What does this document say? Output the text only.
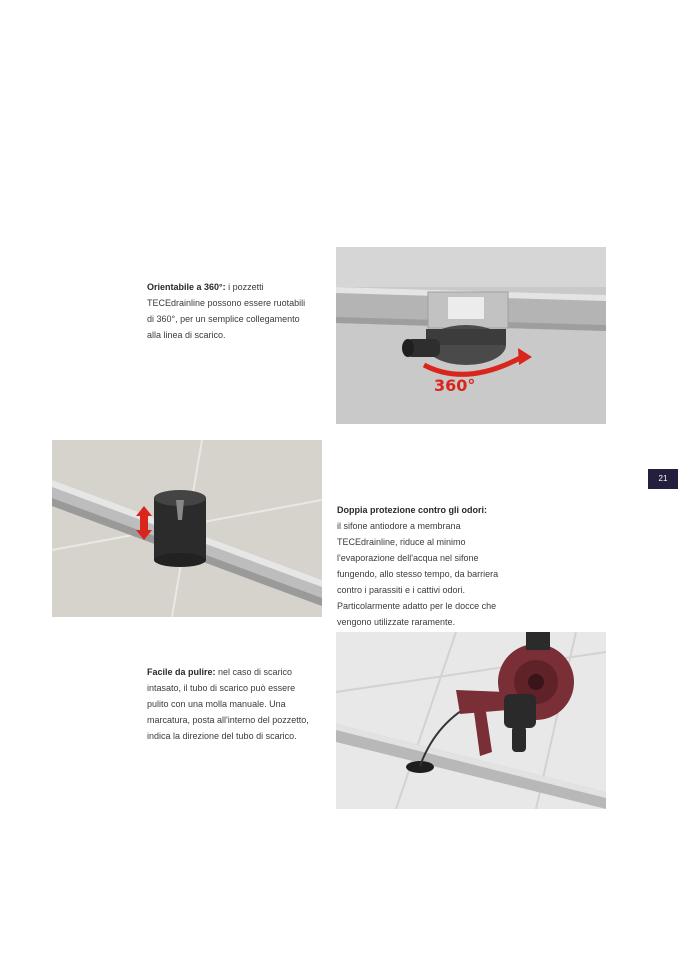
Orientabile a 360°: i pozzetti

TECEdrainline possono essere ruotabili

di 360°, per un semplice collegamento

alla linea di scarico.

360°
21

Doppia protezione contro gli odori:

il sifone antiodore a membrana

TECEdrainline, riduce al minimo

l'evaporazione dell'acqua nel sifone

fungendo, allo stesso tempo, da barriera

contro i parassiti e i cattivi odori.

Particolarmente adatto per le docce che

vengono utilizzate raramente.

Facile da pulire: nel caso di scarico

intasato, il tubo di scarico può essere

pulito con una molla manuale. Una

marcatura, posta all'interno del pozzetto,

indica la direzione del tubo di scarico.
